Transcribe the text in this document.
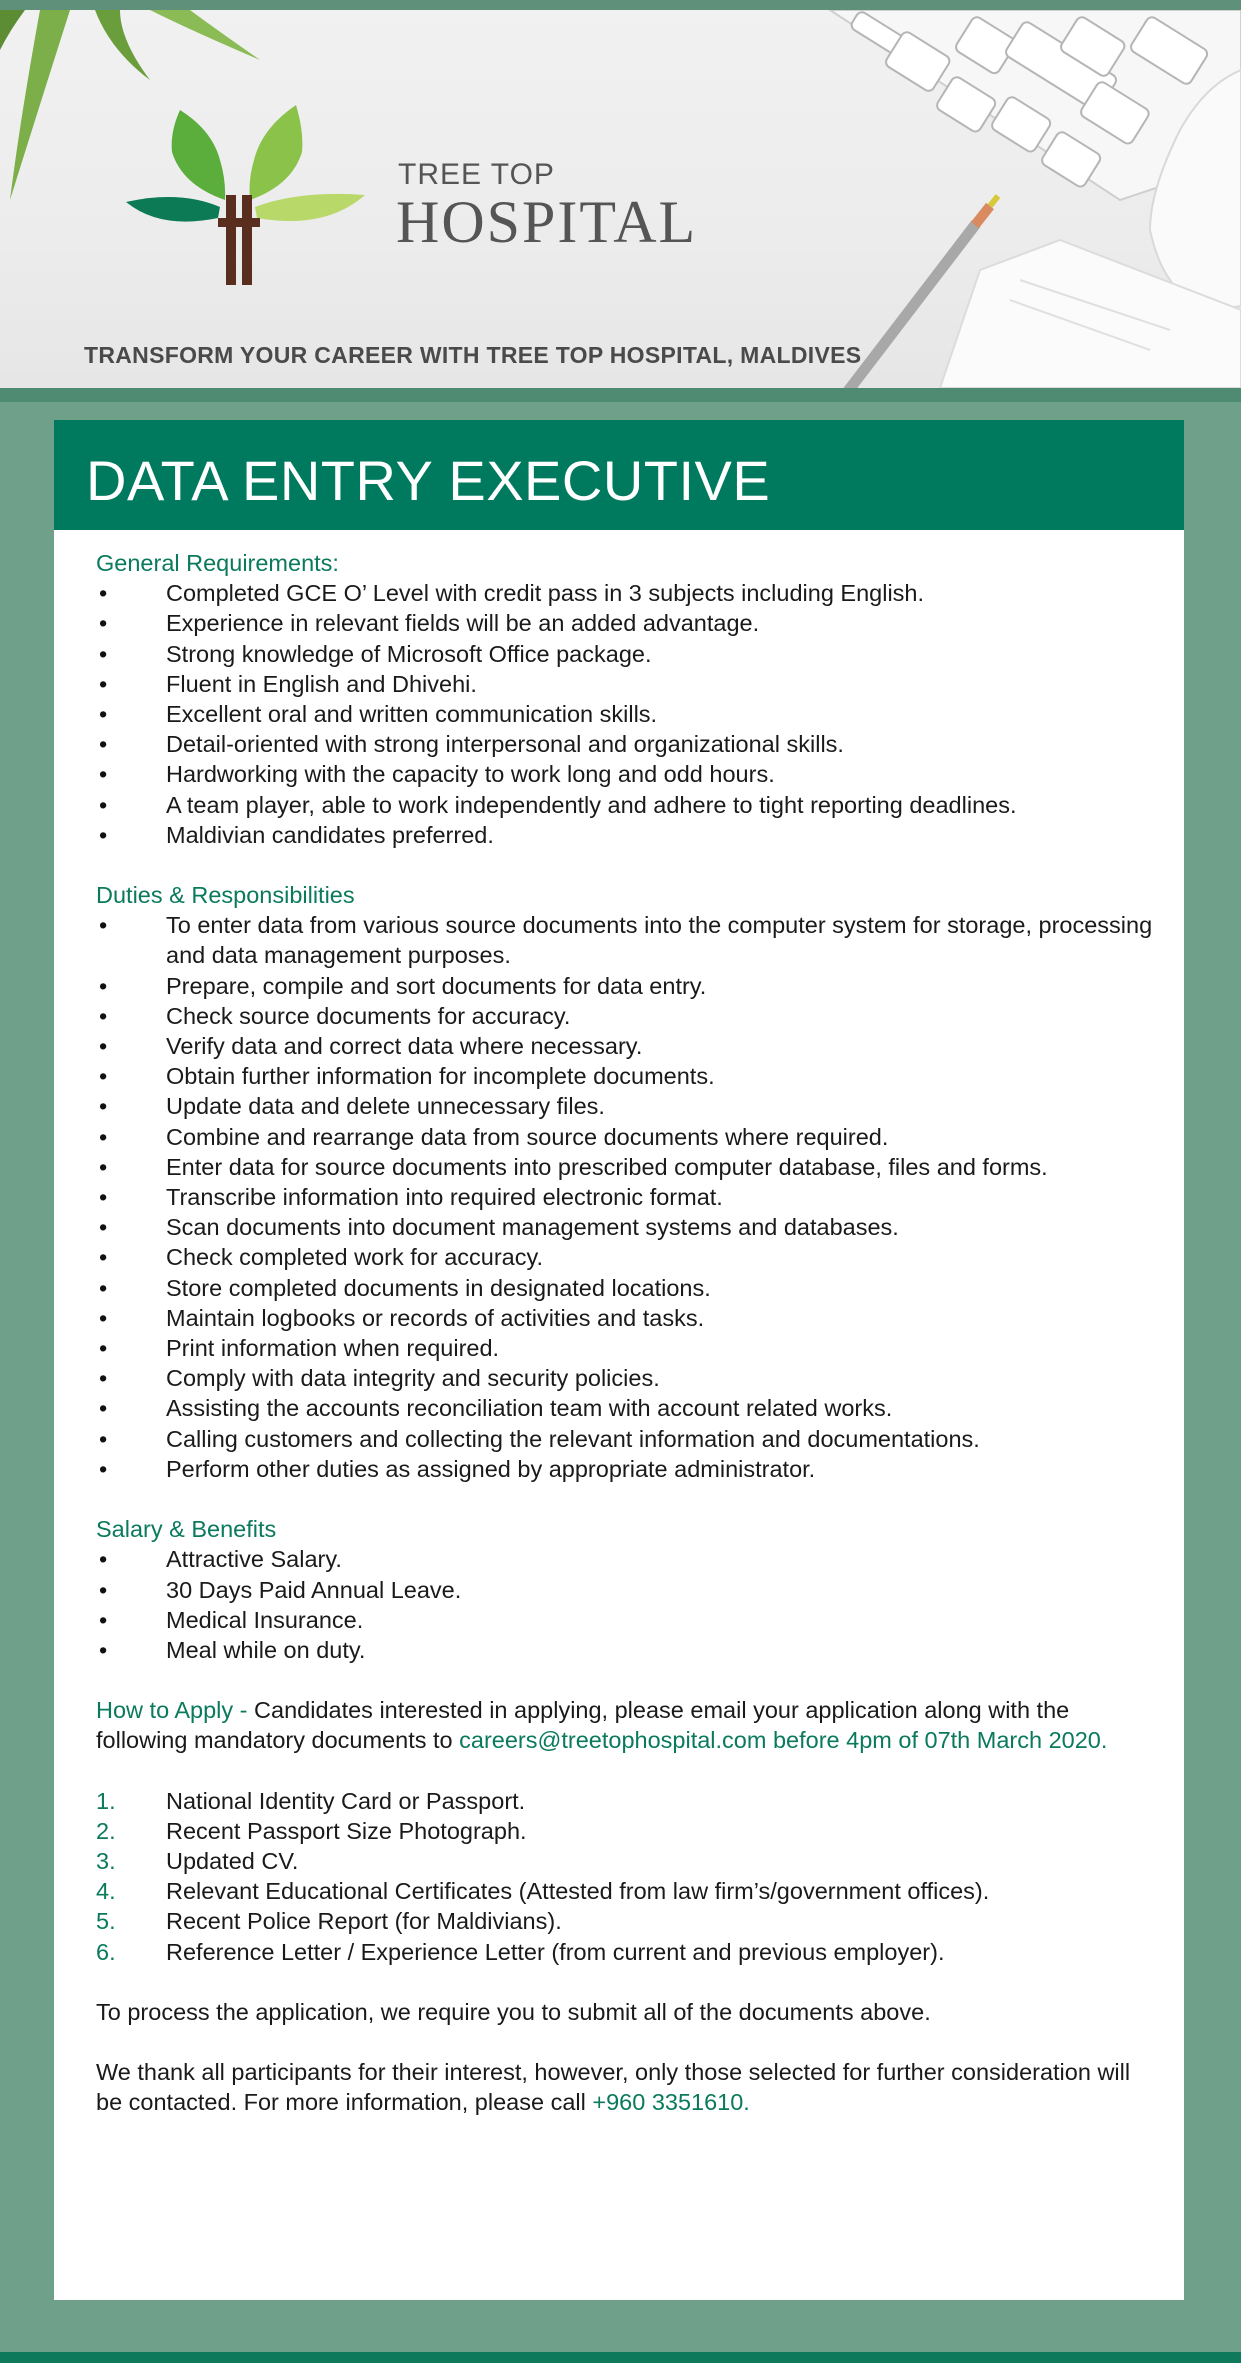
TREE TOP
HOSPITAL
TRANSFORM YOUR CAREER WITH TREE TOP HOSPITAL, MALDIVES
DATA ENTRY EXECUTIVE
General Requirements:
•	Completed GCE O’ Level with credit pass in 3 subjects including English.
•	Experience in relevant fields will be an added advantage.
•	Strong knowledge of Microsoft Office package.
•	Fluent in English and Dhivehi.
•	Excellent oral and written communication skills.
•	Detail-oriented with strong interpersonal and organizational skills.
•	Hardworking with the capacity to work long and odd hours.
•	A team player, able to work independently and adhere to tight reporting deadlines.
•	Maldivian candidates preferred.
Duties & Responsibilities
•	To enter data from various source documents into the computer system for storage, processing and data management purposes.
•	Prepare, compile and sort documents for data entry.
•	Check source documents for accuracy.
•	Verify data and correct data where necessary.
•	Obtain further information for incomplete documents.
•	Update data and delete unnecessary files.
•	Combine and rearrange data from source documents where required.
•	Enter data for source documents into prescribed computer database, files and forms.
•	Transcribe information into required electronic format.
•	Scan documents into document management systems and databases.
•	Check completed work for accuracy.
•	Store completed documents in designated locations.
•	Maintain logbooks or records of activities and tasks.
•	Print information when required.
•	Comply with data integrity and security policies.
•	Assisting the accounts reconciliation team with account related works.
•	Calling customers and collecting the relevant information and documentations.
•	Perform other duties as assigned by appropriate administrator.
Salary & Benefits
•	Attractive Salary.
•	30 Days Paid Annual Leave.
•	Medical Insurance.
•	Meal while on duty.
How to Apply - Candidates interested in applying, please email your application along with the following mandatory documents to careers@treetophospital.com before 4pm of 07th March 2020.
1. National Identity Card or Passport.
2. Recent Passport Size Photograph.
3. Updated CV.
4. Relevant Educational Certificates (Attested from law firm’s/government offices).
5. Recent Police Report (for Maldivians).
6. Reference Letter / Experience Letter (from current and previous employer).
To process the application, we require you to submit all of the documents above.
We thank all participants for their interest, however, only those selected for further consideration will be contacted. For more information, please call +960 3351610.
